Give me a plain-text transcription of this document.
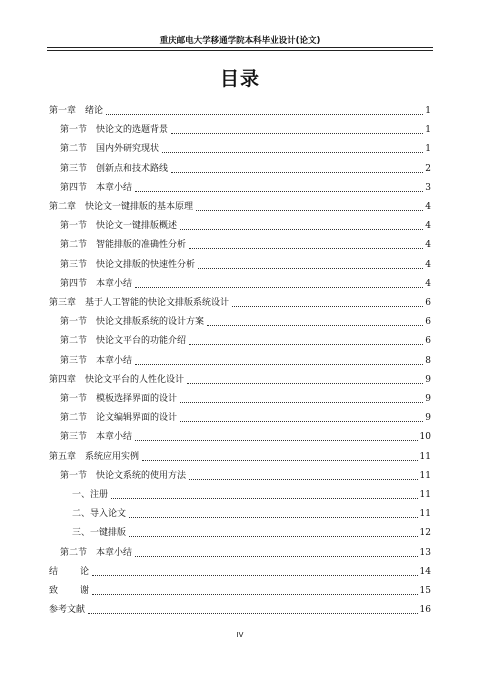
重庆邮电大学移通学院本科毕业设计(论文)
目录
第一章 绪论	1
第一节 快论文的选题背景	1
第二节 国内外研究现状	1
第三节 创新点和技术路线	2
第四节 本章小结	3
第二章 快论文一键排版的基本原理	4
第一节 快论文一键排版概述	4
第二节 智能排版的准确性分析	4
第三节 快论文排版的快速性分析	4
第四节 本章小结	4
第三章 基于人工智能的快论文排版系统设计	6
第一节 快论文排版系统的设计方案	6
第二节 快论文平台的功能介绍	6
第三节 本章小结	8
第四章 快论文平台的人性化设计	9
第一节 模板选择界面的设计	9
第二节 论文编辑界面的设计	9
第三节 本章小结	10
第五章 系统应用实例	11
第一节 快论文系统的使用方法	11
一、 注册	11
二、 导入论文	11
三、 一键排版	12
第二节 本章小结	13
结 论	14
致 谢	15
参考文献	16
IV
